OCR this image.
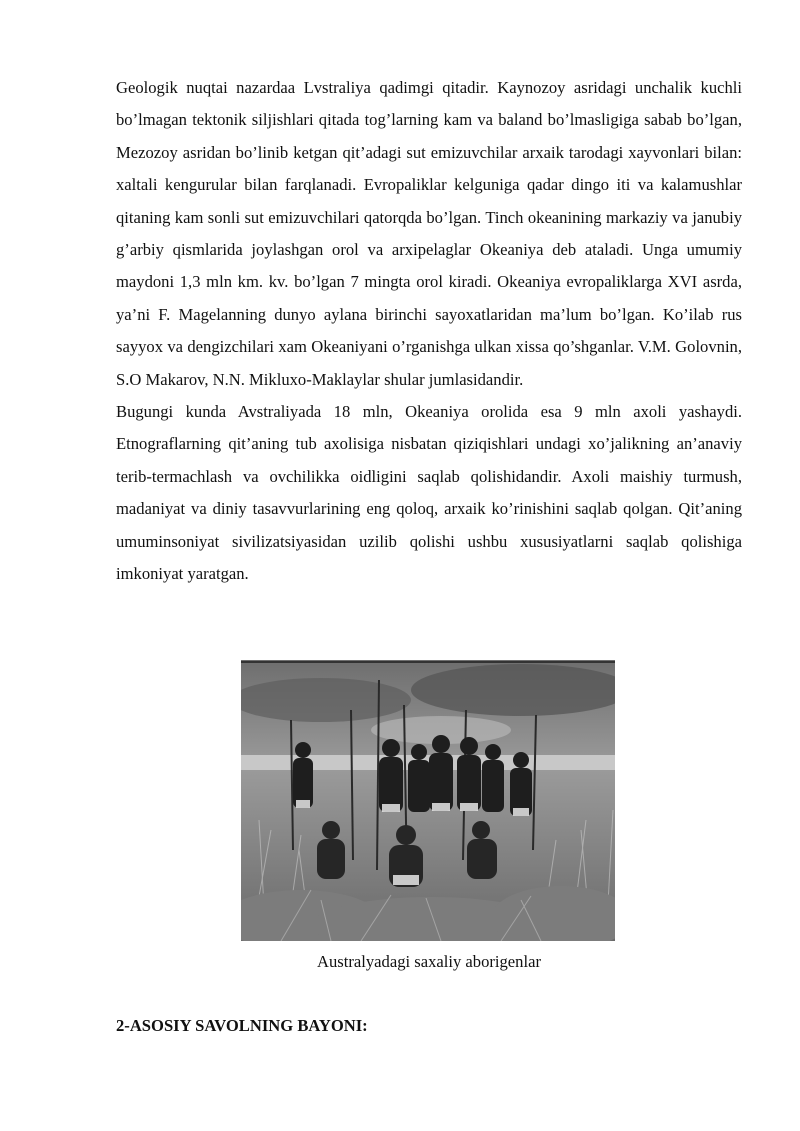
Geologik nuqtai nazardaa Lvstraliya qadimgi qitadir. Kaynozoy asridagi unchalik kuchli bo’lmagan tektonik siljishlari qitada tog’larning kam va baland bo’lmasligiga sabab bo’lgan, Mezozoy asridan bo’linib ketgan qit’adagi sut emizuvchilar arxaik tarodagi xayvonlari bilan: xaltali kengurular bilan farqlanadi. Evropaliklar kelguniga qadar dingo iti va kalamushlar qitaning kam sonli sut emizuvchilari qatorqda bo’lgan. Tinch okeanining markaziy va janubiy g’arbiy qismlarida joylashgan orol va arxipelaglar Okeaniya deb ataladi. Unga umumiy maydoni 1,3 mln km. kv. bo’lgan 7 mingta orol kiradi. Okeaniya evropaliklarga XVI asrda, ya’ni F. Magelanning dunyo aylana birinchi sayoxatlaridan ma’lum bo’lgan. Ko’ilab rus sayyox va dengizchilari xam Okeaniyani o’rganishga ulkan xissa qo’shganlar. V.M. Golovnin, S.O Makarov, N.N. Mikluxo-Maklaylar shular jumlasidandir.

Bugungi kunda Avstraliyada 18 mln, Okeaniya orolida esa 9 mln axoli yashaydi. Etnograflarning qit’aning tub axolisiga nisbatan qiziqishlari undagi xo’jalikning an’anaviy terib-termachlash va ovchilikka oidligini saqlab qolishidandir. Axoli maishiy turmush, madaniyat va diniy tasavvurlarining eng qoloq, arxaik ko’rinishini saqlab qolgan. Qit’aning umuminsoniyat sivilizatsiyasidan uzilib qolishi ushbu xususiyatlarni saqlab qolishiga imkoniyat yaratgan.

Australyadagi saxaliy aborigenlar
2-ASOSIY SAVOLNING BAYONI:
